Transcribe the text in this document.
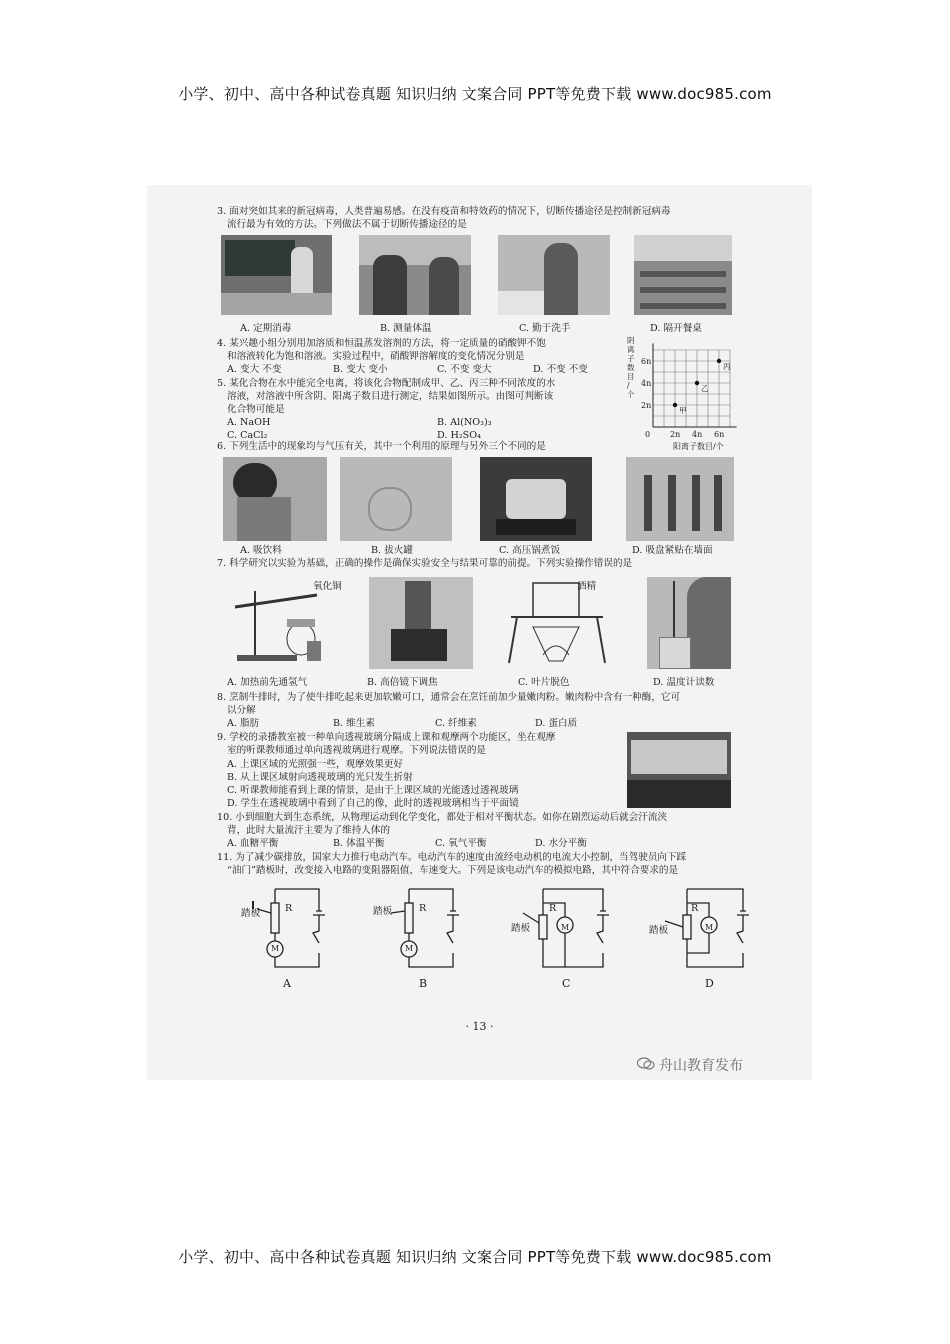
小学、初中、高中各种试卷真题 知识归纳 文案合同 PPT等免费下载 www.doc985.com
3. 面对突如其来的新冠病毒，人类普遍易感。在没有疫苗和特效药的情况下，切断传播途径是控制新冠病毒
流行最为有效的方法。下列做法不属于切断传播途径的是
A. 定期消毒	B. 测量体温	C. 勤于洗手	D. 隔开餐桌
4. 某兴趣小组分别用加溶质和恒温蒸发溶剂的方法，将一定质量的硝酸钾不饱
和溶液转化为饱和溶液。实验过程中，硝酸钾溶解度的变化情况分别是
A. 变大 不变	B. 变大 变小	C. 不变 变大	D. 不变 不变
5. 某化合物在水中能完全电离，将该化合物配制成甲、乙、丙三种不同浓度的水
溶液，对溶液中所含阴、阳离子数目进行测定，结果如图所示。由图可判断该
化合物可能是
A. NaOH	B. Al(NO₃)₃
C. CaCl₂	D. H₂SO₄	0 2n 4n 6n
2n
4n
6n
阴
离
子
数
目
/
个
阳离子数目/个
甲
乙
丙
6. 下列生活中的现象均与气压有关，其中一个利用的原理与另外三个不同的是
A. 吸饮料	B. 拔火罐	C. 高压锅煮饭	D. 吸盘紧贴在墙面
7. 科学研究以实验为基础，正确的操作是确保实验安全与结果可靠的前提。下列实验操作错误的是
氧化铜	酒精
A. 加热前先通氢气	B. 高倍镜下调焦	C. 叶片脱色	D. 温度计读数
8. 烹制牛排时，为了使牛排吃起来更加软嫩可口，通常会在烹饪前加少量嫩肉粉。嫩肉粉中含有一种酶，它可
以分解
A. 脂肪	B. 维生素	C. 纤维素	D. 蛋白质
9. 学校的录播教室被一种单向透视玻璃分隔成上课和观摩两个功能区，坐在观摩
室的听课教师通过单向透视玻璃进行观摩。下列说法错误的是
A. 上课区域的光照强一些，观摩效果更好
B. 从上课区域射向透视玻璃的光只发生折射
C. 听课教师能看到上课的情景，是由于上课区域的光能透过透视玻璃
D. 学生在透视玻璃中看到了自己的像，此时的透视玻璃相当于平面镜
10. 小到细胞大到生态系统，从物理运动到化学变化，都处于相对平衡状态。如你在剧烈运动后就会汗流浃
背，此时大量流汗主要为了维持人体的
A. 血糖平衡	B. 体温平衡	C. 氧气平衡	D. 水分平衡
11. 为了减少碳排放，国家大力推行电动汽车。电动汽车的速度由流经电动机的电流大小控制，当驾驶员向下踩
“油门”踏板时，改变接入电路的变阻器阻值，车速变大。下列是该电动汽车的模拟电路，其中符合要求的是
踏板	R
M
踏板	R
M
踏板
R
M	踏板
R
M
A	B	C	D
· 13 ·
舟山教育发布
小学、初中、高中各种试卷真题 知识归纳 文案合同 PPT等免费下载 www.doc985.com
